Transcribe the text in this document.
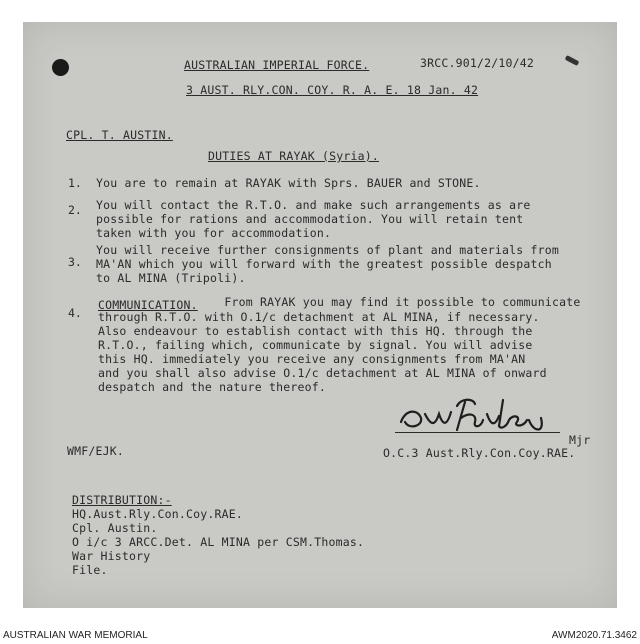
AUSTRALIAN IMPERIAL FORCE.	3RCC.901/2/10/42
3 AUST. RLY.CON. COY. R. A. E. 18 Jan. 42
CPL. T. AUSTIN.
DUTIES AT RAYAK (Syria).
1. You are to remain at RAYAK with Sprs. BAUER and STONE.
2. You will contact the R.T.O. and make such arrangements as are
possible for rations and accommodation. You will retain tent
taken with you for accommodation.
3.
You will receive further consignments of plant and materials from
MA'AN which you will forward with the greatest possible despatch
to AL MINA (Tripoli).
4.
COMMUNICATION. From RAYAK you may find it possible to communicate
through R.T.O. with O.1/c detachment at AL MINA, if necessary.
Also endeavour to establish contact with this HQ. through the
R.T.O., failing which, communicate by signal. You will advise
this HQ. immediately you receive any consignments from MA'AN
and you shall also advise O.1/c detachment at AL MINA of onward
despatch and the nature thereof.
Mjr
O.C.3 Aust.Rly.Con.Coy.RAE.
WMF/EJK.
DISTRIBUTION:-
HQ.Aust.Rly.Con.Coy.RAE.
Cpl. Austin.
O i/c 3 ARCC.Det. AL MINA per CSM.Thomas.
War History
File.
AUSTRALIAN WAR MEMORIAL	AWM2020.71.3462
